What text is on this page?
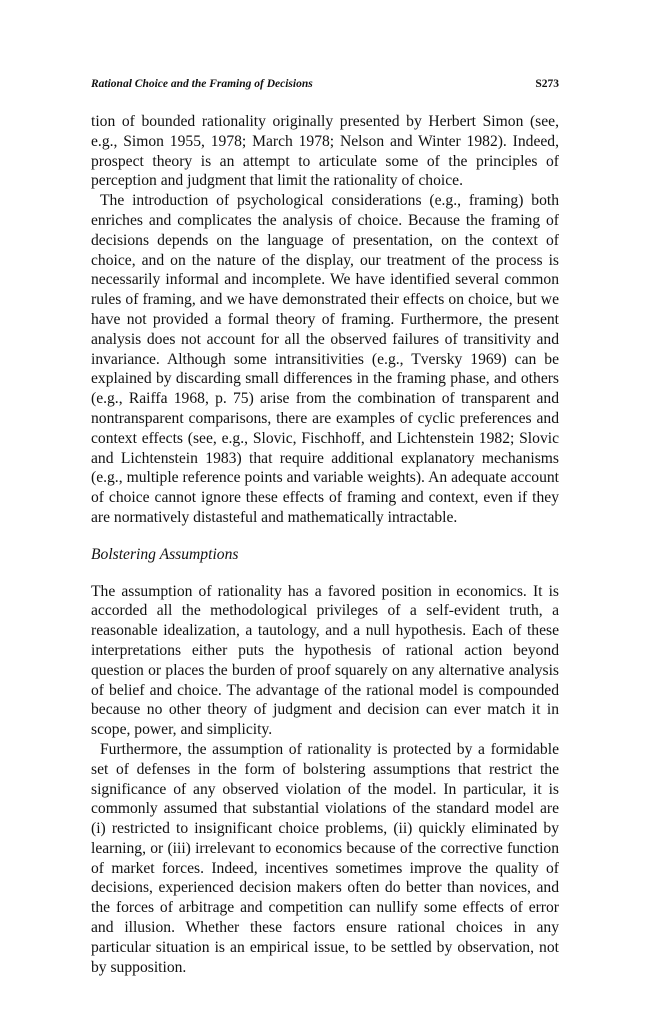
Rational Choice and the Framing of Decisions	S273

tion of bounded rationality originally presented by Herbert Simon (see, e.g., Simon 1955, 1978; March 1978; Nelson and Winter 1982). Indeed, prospect theory is an attempt to articulate some of the principles of perception and judgment that limit the rationality of choice.

The introduction of psychological considerations (e.g., framing) both enriches and complicates the analysis of choice. Because the framing of decisions depends on the language of presentation, on the context of choice, and on the nature of the display, our treatment of the process is necessarily informal and incomplete. We have identified several common rules of framing, and we have demonstrated their effects on choice, but we have not provided a formal theory of framing. Furthermore, the present analysis does not account for all the observed failures of transitivity and invariance. Although some intransitivities (e.g., Tversky 1969) can be explained by discarding small differences in the framing phase, and others (e.g., Raiffa 1968, p. 75) arise from the combination of transparent and nontransparent comparisons, there are examples of cyclic preferences and context effects (see, e.g., Slovic, Fischhoff, and Lichtenstein 1982; Slovic and Lichtenstein 1983) that require additional explanatory mechanisms (e.g., multiple reference points and variable weights). An adequate account of choice cannot ignore these effects of framing and context, even if they are normatively distasteful and mathematically intractable.

Bolstering Assumptions

The assumption of rationality has a favored position in economics. It is accorded all the methodological privileges of a self-evident truth, a reasonable idealization, a tautology, and a null hypothesis. Each of these interpretations either puts the hypothesis of rational action beyond question or places the burden of proof squarely on any alternative analysis of belief and choice. The advantage of the rational model is compounded because no other theory of judgment and decision can ever match it in scope, power, and simplicity.

Furthermore, the assumption of rationality is protected by a formidable set of defenses in the form of bolstering assumptions that restrict the significance of any observed violation of the model. In particular, it is commonly assumed that substantial violations of the standard model are (i) restricted to insignificant choice problems, (ii) quickly eliminated by learning, or (iii) irrelevant to economics because of the corrective function of market forces. Indeed, incentives sometimes improve the quality of decisions, experienced decision makers often do better than novices, and the forces of arbitrage and competition can nullify some effects of error and illusion. Whether these factors ensure rational choices in any particular situation is an empirical issue, to be settled by observation, not by supposition.
